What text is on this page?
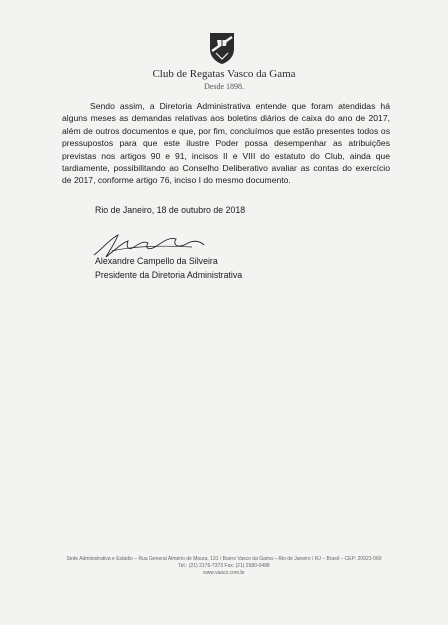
Club de Regatas Vasco da Gama
Desde 1898.

Sendo assim, a Diretoria Administrativa entende que foram atendidas há alguns meses as demandas relativas aos boletins diários de caixa do ano de 2017, além de outros documentos e que, por fim, concluímos que estão presentes todos os pressupostos para que este ilustre Poder possa desempenhar as atribuições previstas nos artigos 90 e 91, incisos II e VIII do estatuto do Club, ainda que tardiamente, possibilitando ao Conselho Deliberativo avaliar as contas do exercício de 2017, conforme artigo 76, inciso I do mesmo documento.

Rio de Janeiro, 18 de outubro de 2018
Alexandre Campello da Silveira
Presidente da Diretoria Administrativa
Sede Administrativa e Estádio – Rua General Almério de Moura, 131 / Bairro Vasco da Gama – Rio de Janeiro / RJ – Brasil – CEP: 20921-060
Tel.: (21) 2176-7373 Fax: (21) 2580-0488
www.vasco.com.br
